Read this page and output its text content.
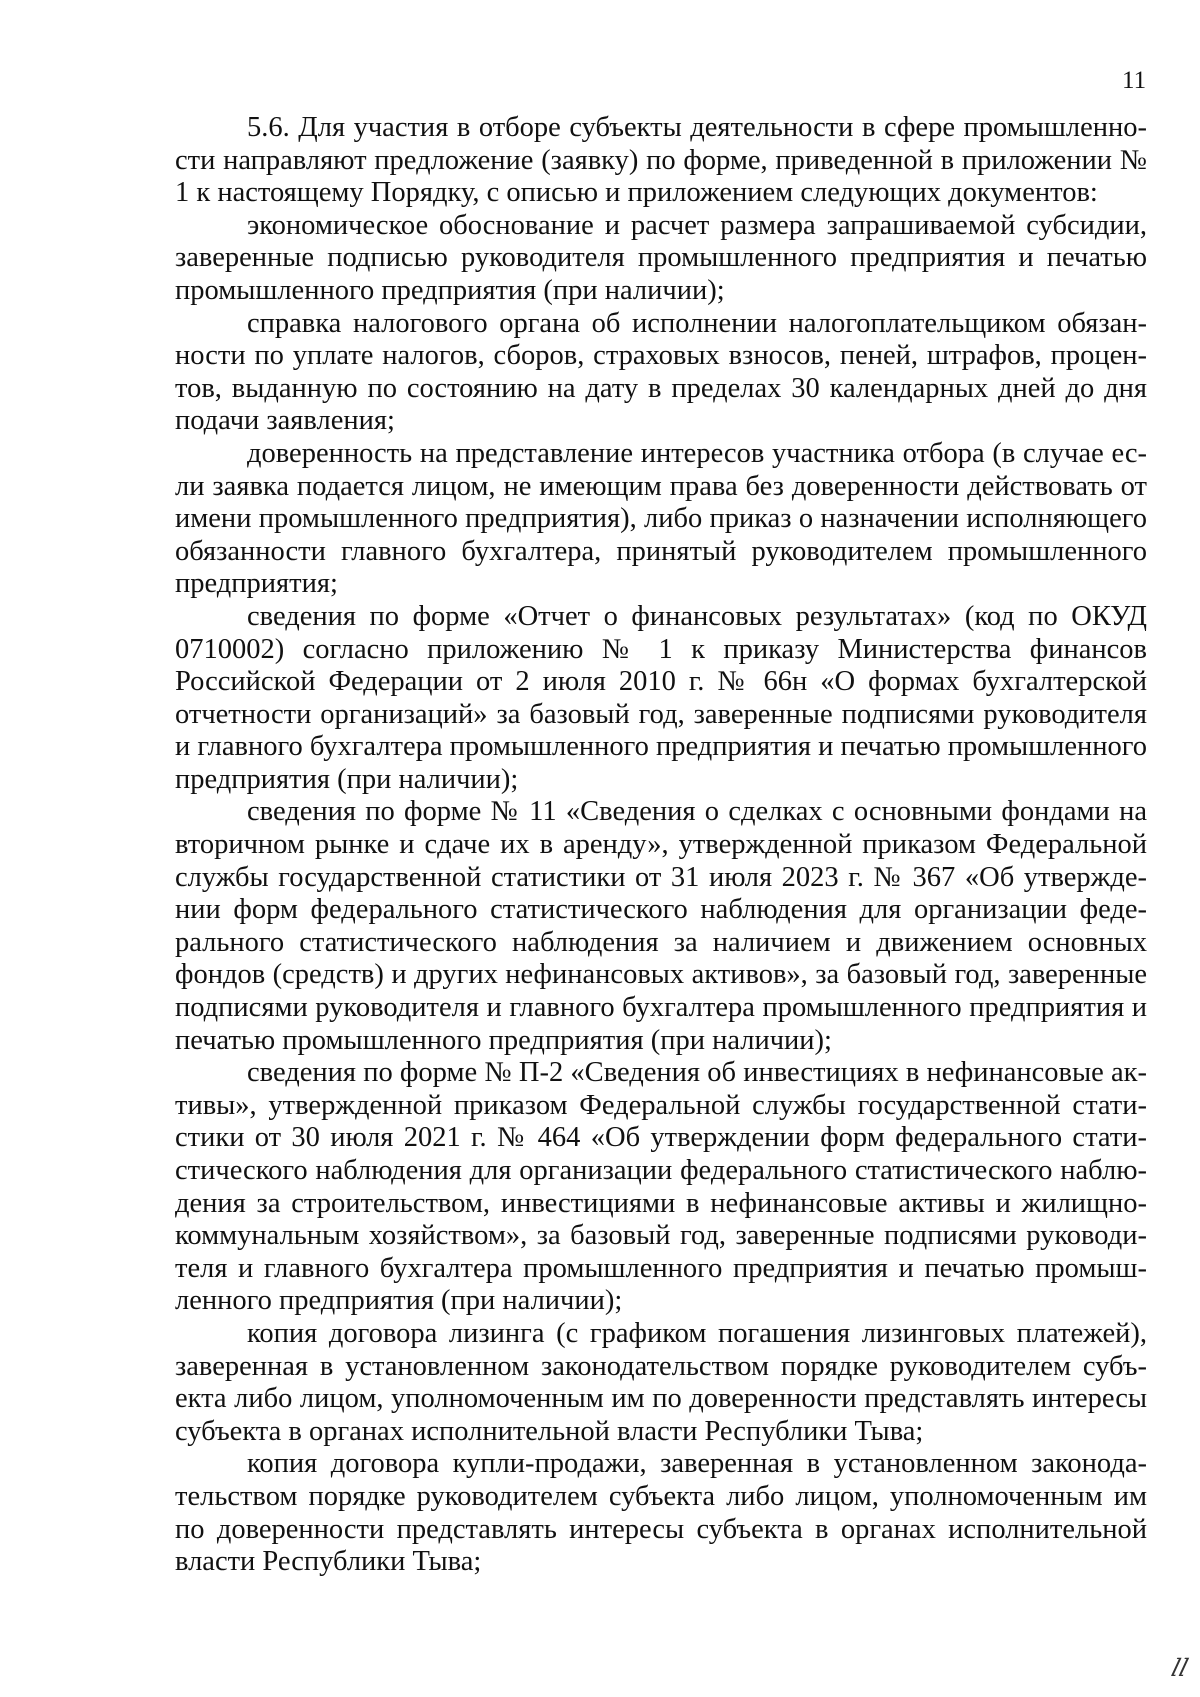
11

5.6. Для участия в отборе субъекты деятельности в сфере промышленности направляют предложение (заявку) по форме, приведенной в приложении № 1 к настоящему Порядку, с описью и приложением следующих документов:

экономическое обоснование и расчет размера запрашиваемой субсидии, заверенные подписью руководителя промышленного предприятия и печатью промышленного предприятия (при наличии);

справка налогового органа об исполнении налогоплательщиком обязанности по уплате налогов, сборов, страховых взносов, пеней, штрафов, процентов, выданную по состоянию на дату в пределах 30 календарных дней до дня подачи заявления;

доверенность на представление интересов участника отбора (в случае если заявка подается лицом, не имеющим права без доверенности действовать от имени промышленного предприятия), либо приказ о назначении исполняющего обязанности главного бухгалтера, принятый руководителем промышленного предприятия;

сведения по форме «Отчет о финансовых результатах» (код по ОКУД 0710002) согласно приложению № 1 к приказу Министерства финансов Российской Федерации от 2 июля 2010 г. № 66н «О формах бухгалтерской отчетности организаций» за базовый год, заверенные подписями руководителя и главного бухгалтера промышленного предприятия и печатью промышленного предприятия (при наличии);

сведения по форме № 11 «Сведения о сделках с основными фондами на вторичном рынке и сдаче их в аренду», утвержденной приказом Федеральной службы государственной статистики от 31 июля 2023 г. № 367 «Об утверждении форм федерального статистического наблюдения для организации федерального статистического наблюдения за наличием и движением основных фондов (средств) и других нефинансовых активов», за базовый год, заверенные подписями руководителя и главного бухгалтера промышленного предприятия и печатью промышленного предприятия (при наличии);

сведения по форме № П-2 «Сведения об инвестициях в нефинансовые активы», утвержденной приказом Федеральной службы государственной статистики от 30 июля 2021 г. № 464 «Об утверждении форм федерального статистического наблюдения для организации федерального статистического наблюдения за строительством, инвестициями в нефинансовые активы и жилищно-коммунальным хозяйством», за базовый год, заверенные подписями руководителя и главного бухгалтера промышленного предприятия и печатью промышленного предприятия (при наличии);

копия договора лизинга (с графиком погашения лизинговых платежей), заверенная в установленном законодательством порядке руководителем субъекта либо лицом, уполномоченным им по доверенности представлять интересы субъекта в органах исполнительной власти Республики Тыва;

копия договора купли-продажи, заверенная в установленном законодательством порядке руководителем субъекта либо лицом, уполномоченным им по доверенности представлять интересы субъекта в органах исполнительной власти Республики Тыва;

𝑙𝑙
